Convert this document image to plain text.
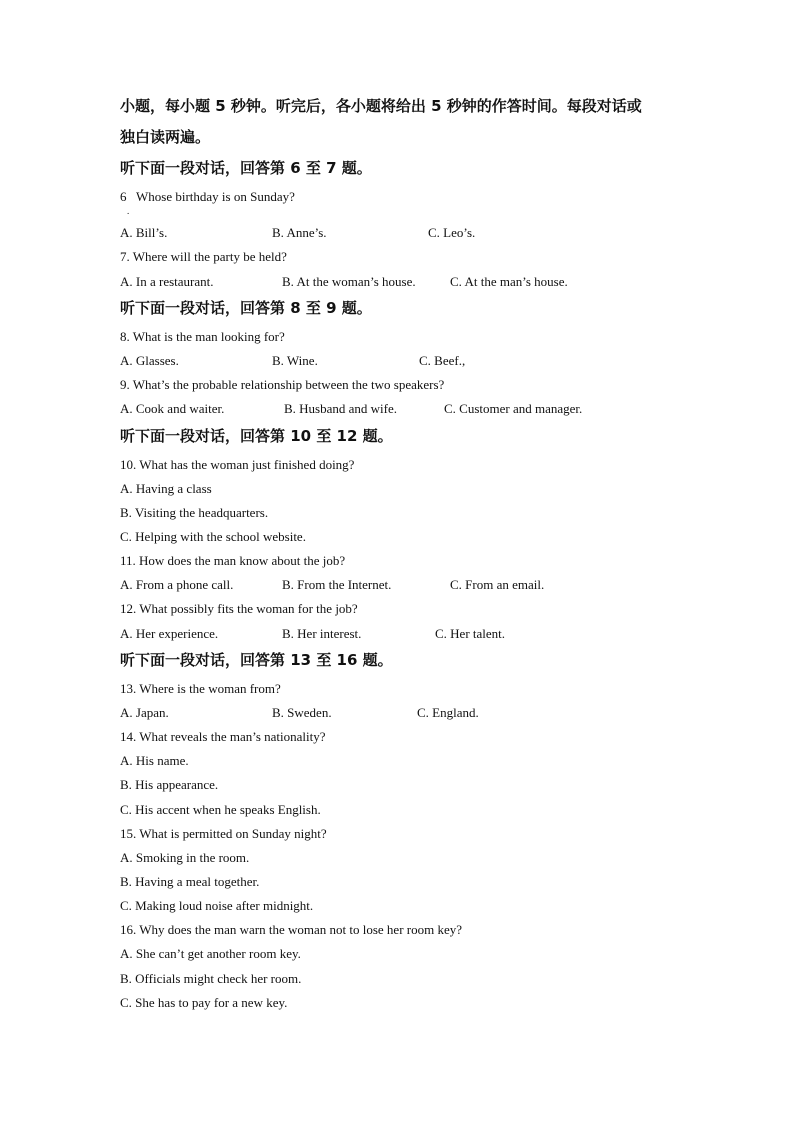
小题，每小题 5 秒钟。听完后，各小题将给出 5 秒钟的作答时间。每段对话或
独白读两遍。
听下面一段对话，回答第 6 至 7 题。
6   Whose birthday is on Sunday?
.
A. Bill’s.	B. Anne’s.	C. Leo’s.
7. Where will the party be held?
A. In a restaurant.	B. At the woman’s house.	C. At the man’s house.
听下面一段对话，回答第 8 至 9 题。
8. What is the man looking for?
A. Glasses.	B. Wine.	C. Beef.,
9. What’s the probable relationship between the two speakers?
A. Cook and waiter.	B. Husband and wife.	C. Customer and manager.
听下面一段对话，回答第 10 至 12 题。
10. What has the woman just finished doing?
A. Having a class
B. Visiting the headquarters.
C. Helping with the school website.
11. How does the man know about the job?
A. From a phone call.	B. From the Internet.	C. From an email.
12. What possibly fits the woman for the job?
A. Her experience.	B. Her interest.	C. Her talent.
听下面一段对话，回答第 13 至 16 题。
13. Where is the woman from?
A. Japan.	B. Sweden.	C. England.
14. What reveals the man’s nationality?
A. His name.
B. His appearance.
C. His accent when he speaks English.
15. What is permitted on Sunday night?
A. Smoking in the room.
B. Having a meal together.
C. Making loud noise after midnight.
16. Why does the man warn the woman not to lose her room key?
A. She can’t get another room key.
B. Officials might check her room.
C. She has to pay for a new key.
